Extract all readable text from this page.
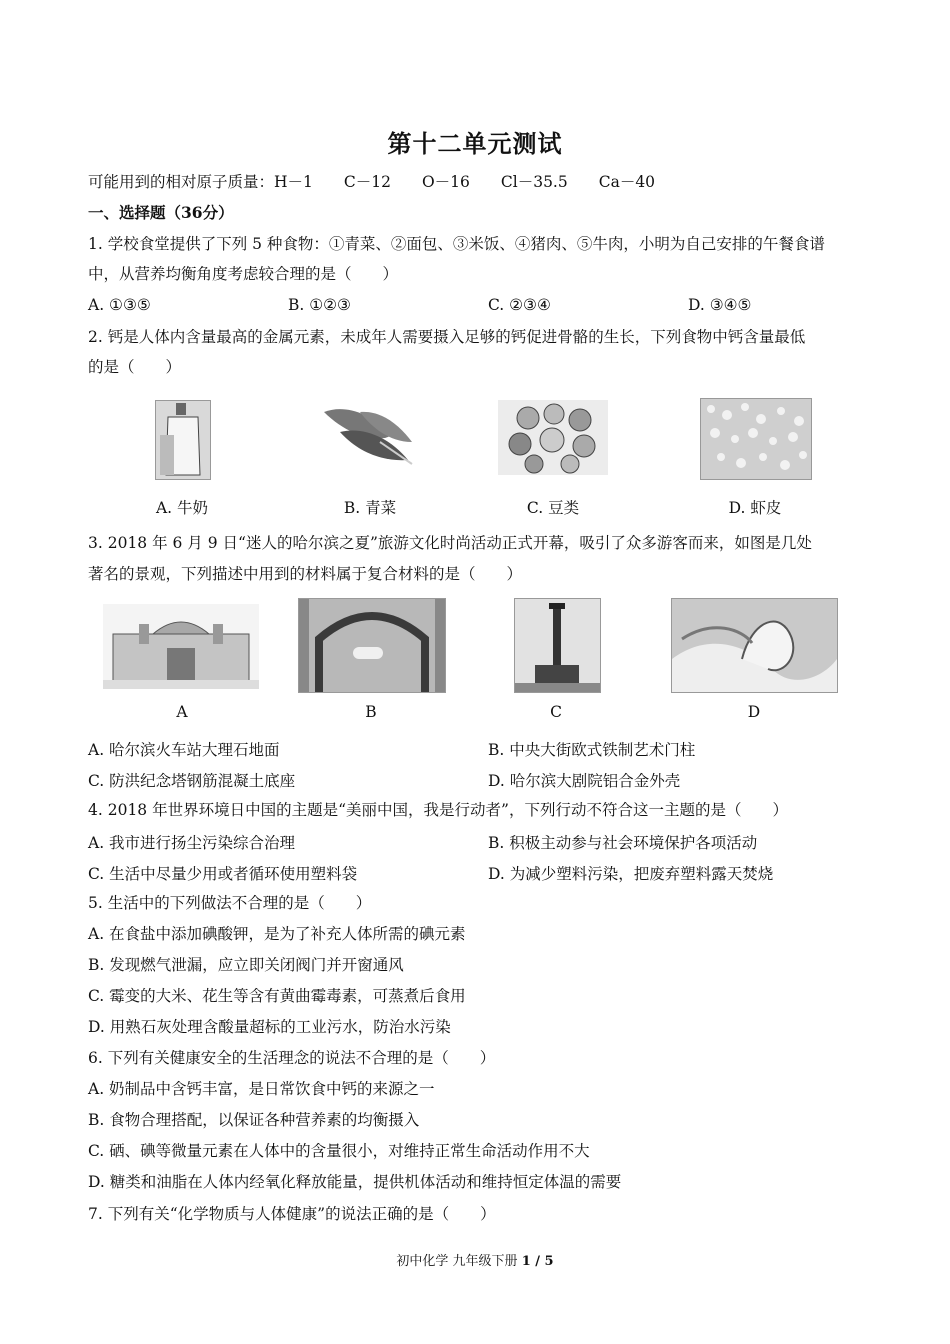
第十二单元测试
可能用到的相对原子质量：H－1　　C－12　　O－16　　Cl－35.5　　Ca－40
一、选择题（36分）
1. 学校食堂提供了下列 5 种食物：①青菜、②面包、③米饭、④猪肉、⑤牛肉，小明为自己安排的午餐食谱
中，从营养均衡角度考虑较合理的是（　　）
A. ①③⑤	B. ①②③	C. ②③④	D. ③④⑤
2. 钙是人体内含量最高的金属元素，未成年人需要摄入足够的钙促进骨骼的生长，下列食物中钙含量最低
的是（　　）
A. 牛奶	B. 青菜	C. 豆类	D. 虾皮
3. 2018 年 6 月 9 日“迷人的哈尔滨之夏”旅游文化时尚活动正式开幕，吸引了众多游客而来，如图是几处
著名的景观，下列描述中用到的材料属于复合材料的是（　　）
A	B	C	D
A. 哈尔滨火车站大理石地面	B. 中央大街欧式铁制艺术门柱
C. 防洪纪念塔钢筋混凝土底座	D. 哈尔滨大剧院铝合金外壳
4. 2018 年世界环境日中国的主题是“美丽中国，我是行动者”，下列行动不符合这一主题的是（　　）
A. 我市进行扬尘污染综合治理	B. 积极主动参与社会环境保护各项活动
C. 生活中尽量少用或者循环使用塑料袋	D. 为减少塑料污染，把废弃塑料露天焚烧
5. 生活中的下列做法不合理的是（　　）
A. 在食盐中添加碘酸钾，是为了补充人体所需的碘元素
B. 发现燃气泄漏，应立即关闭阀门并开窗通风
C. 霉变的大米、花生等含有黄曲霉毒素，可蒸煮后食用
D. 用熟石灰处理含酸量超标的工业污水，防治水污染
6. 下列有关健康安全的生活理念的说法不合理的是（　　）
A. 奶制品中含钙丰富，是日常饮食中钙的来源之一
B. 食物合理搭配，以保证各种营养素的均衡摄入
C. 硒、碘等微量元素在人体中的含量很小，对维持正常生命活动作用不大
D. 糖类和油脂在人体内经氧化释放能量，提供机体活动和维持恒定体温的需要
7. 下列有关“化学物质与人体健康”的说法正确的是（　　）
初中化学 九年级下册 1 / 5
